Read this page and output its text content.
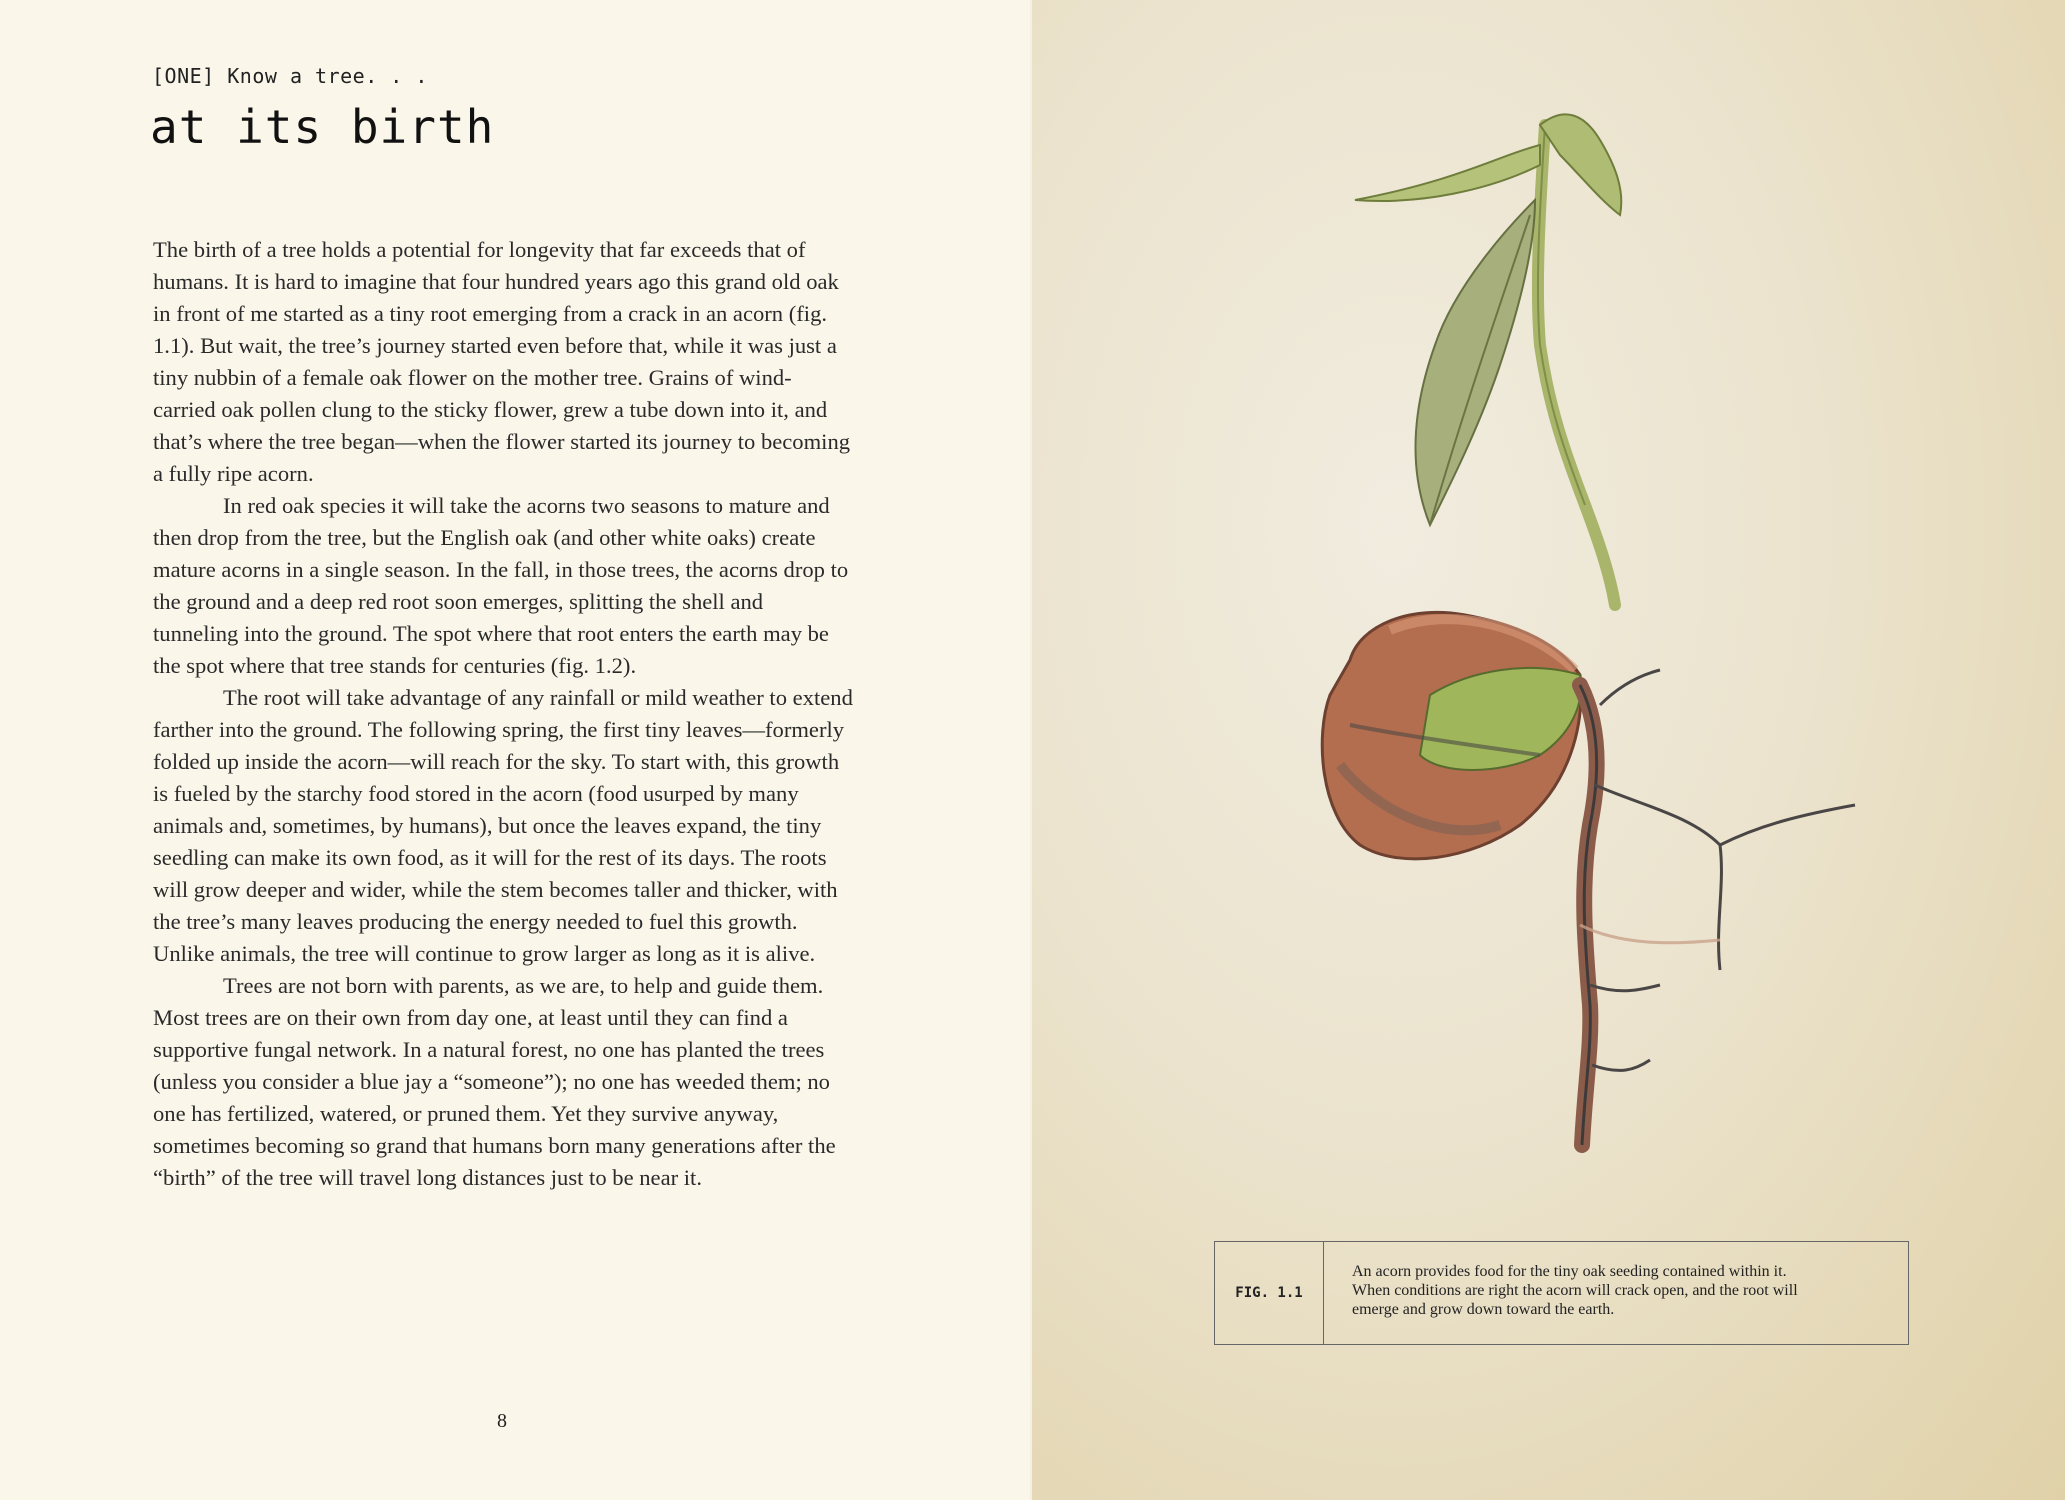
[ONE] Know a tree. . .
at its birth

The birth of a tree holds a potential for longevity that far exceeds that of humans. It is hard to imagine that four hundred years ago this grand old oak in front of me started as a tiny root emerging from a crack in an acorn (fig. 1.1). But wait, the tree’s journey started even before that, while it was just a tiny nubbin of a female oak flower on the mother tree. Grains of wind-carried oak pollen clung to the sticky flower, grew a tube down into it, and that’s where the tree began—when the flower started its journey to becoming a fully ripe acorn.

In red oak species it will take the acorns two seasons to mature and then drop from the tree, but the English oak (and other white oaks) create mature acorns in a single season. In the fall, in those trees, the acorns drop to the ground and a deep red root soon emerges, splitting the shell and tunneling into the ground. The spot where that root enters the earth may be the spot where that tree stands for centuries (fig. 1.2).

The root will take advantage of any rainfall or mild weather to extend farther into the ground. The following spring, the first tiny leaves—formerly folded up inside the acorn—will reach for the sky. To start with, this growth is fueled by the starchy food stored in the acorn (food usurped by many animals and, sometimes, by humans), but once the leaves expand, the tiny seedling can make its own food, as it will for the rest of its days. The roots will grow deeper and wider, while the stem becomes taller and thicker, with the tree’s many leaves producing the energy needed to fuel this growth. Unlike animals, the tree will continue to grow larger as long as it is alive.

Trees are not born with parents, as we are, to help and guide them. Most trees are on their own from day one, at least until they can find a supportive fungal network. In a natural forest, no one has planted the trees (unless you consider a blue jay a “someone”); no one has weeded them; no one has fertilized, watered, or pruned them. Yet they survive anyway, sometimes becoming so grand that humans born many generations after the “birth” of the tree will travel long distances just to be near it.

8
FIG. 1.1
An acorn provides food for the tiny oak seeding contained within it. When conditions are right the acorn will crack open, and the root will emerge and grow down toward the earth.
